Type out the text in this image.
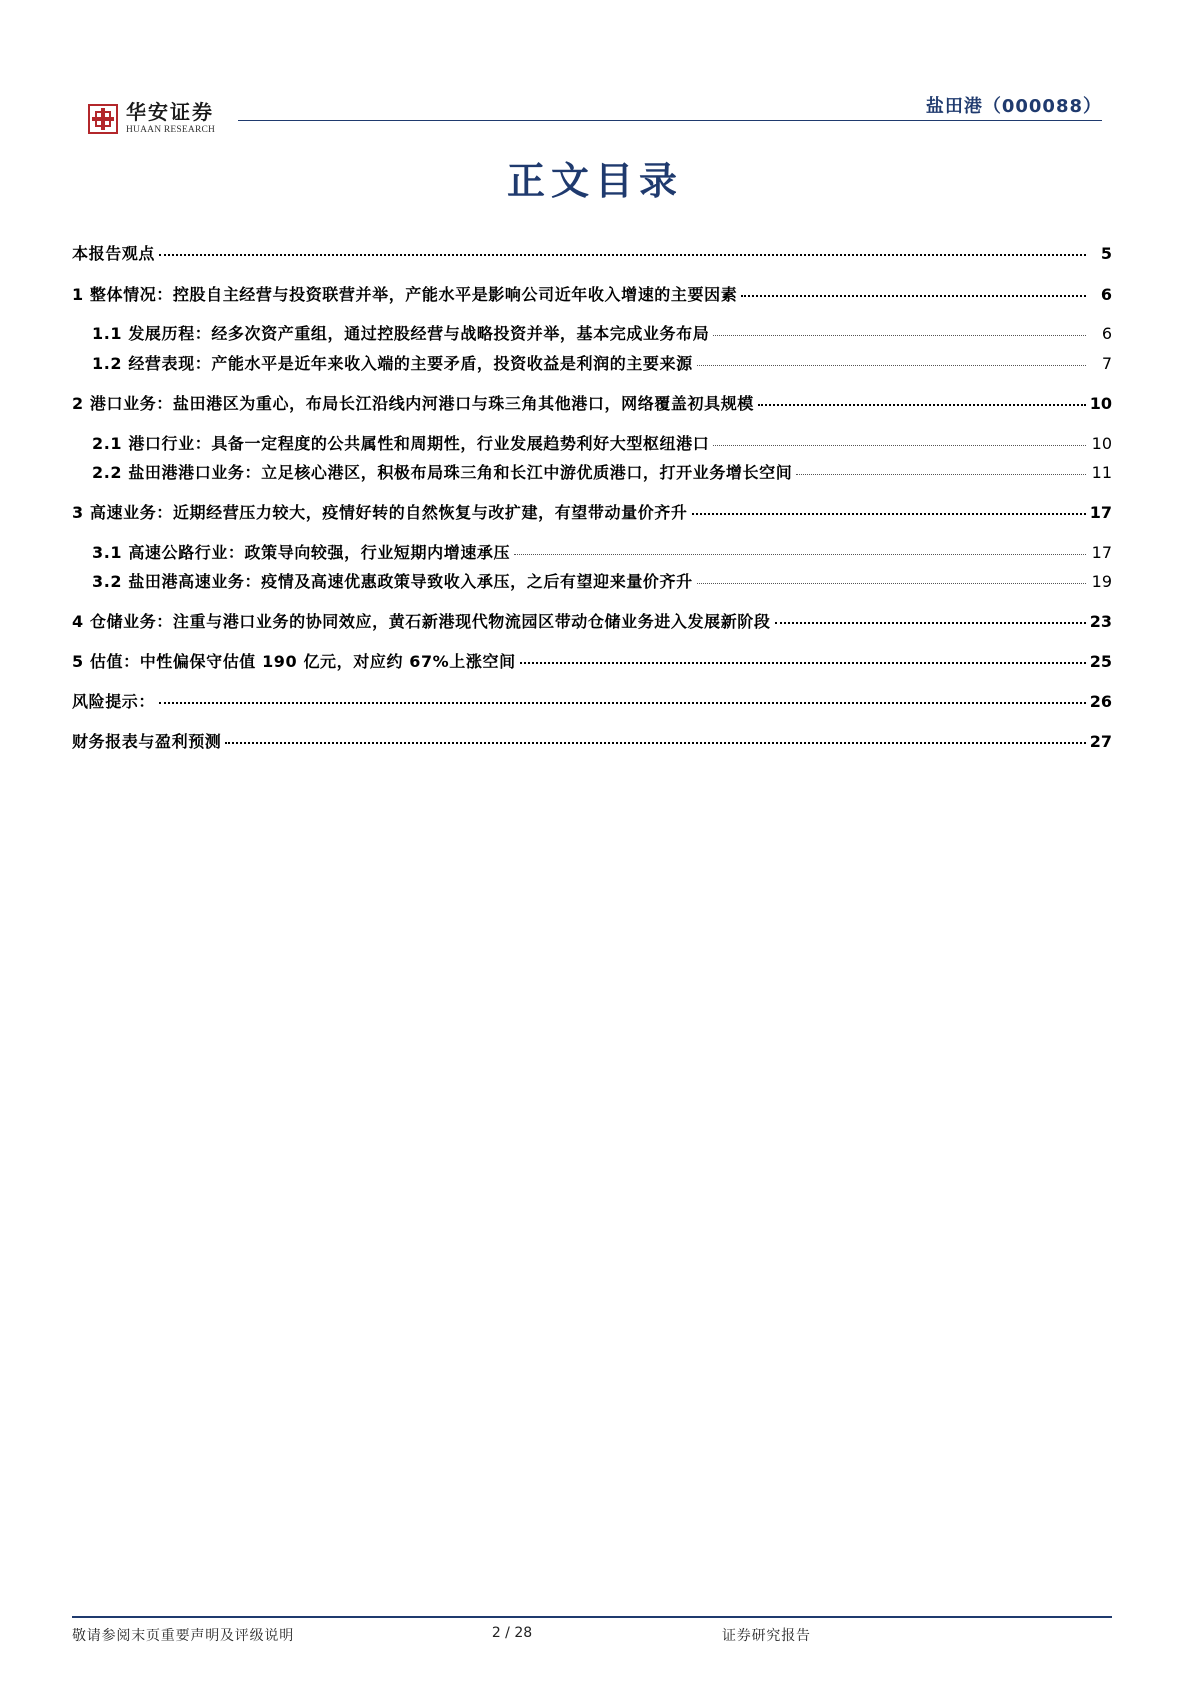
华安证券
HUAAN RESEARCH
盐田港（000088）
正文目录
本报告观点	5
1 整体情况：控股自主经营与投资联营并举，产能水平是影响公司近年收入增速的主要因素	6
1.1 发展历程：经多次资产重组，通过控股经营与战略投资并举，基本完成业务布局	6
1.2 经营表现：产能水平是近年来收入端的主要矛盾，投资收益是利润的主要来源	7
2 港口业务：盐田港区为重心，布局长江沿线内河港口与珠三角其他港口，网络覆盖初具规模	10
2.1 港口行业：具备一定程度的公共属性和周期性，行业发展趋势利好大型枢纽港口	10
2.2 盐田港港口业务：立足核心港区，积极布局珠三角和长江中游优质港口，打开业务增长空间	11
3 高速业务：近期经营压力较大，疫情好转的自然恢复与改扩建，有望带动量价齐升	17
3.1 高速公路行业：政策导向较强，行业短期内增速承压	17
3.2 盐田港高速业务：疫情及高速优惠政策导致收入承压，之后有望迎来量价齐升	19
4 仓储业务：注重与港口业务的协同效应，黄石新港现代物流园区带动仓储业务进入发展新阶段	23
5 估值：中性偏保守估值 190 亿元，对应约 67%上涨空间	25
风险提示：	26
财务报表与盈利预测	27
敬请参阅末页重要声明及评级说明	2 / 28	证券研究报告
